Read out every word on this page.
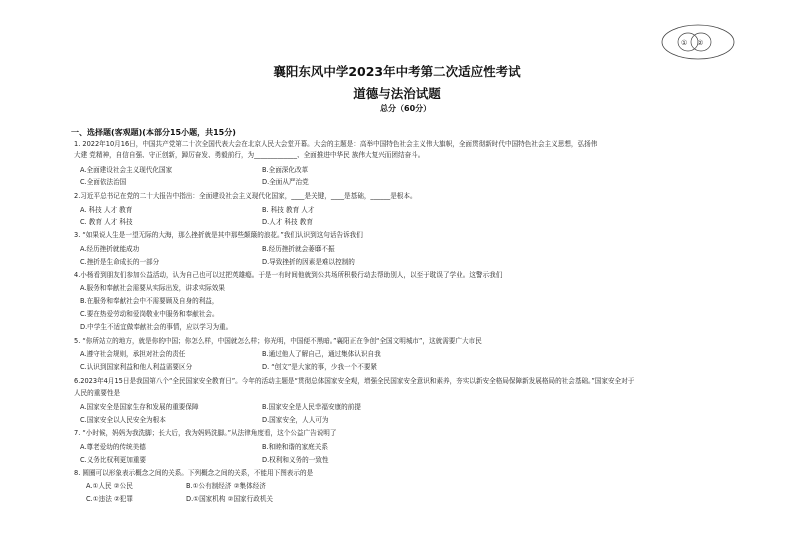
① ②
襄阳东风中学2023年中考第二次适应性考试
道德与法治试题
总分（60分）
一、选择题(客观题)(本部分15小题，共15分)
1. 2022年10月16日，中国共产党第二十次全国代表大会在北京人民大会堂开幕。大会的主题是：高举中国特色社会主义伟大旗帜，全面贯彻新时代中国特色社会主义思想，弘扬伟
大建 党精神，自信自强、守正创新，踔厉奋发、勇毅前行，为_____________、全面推进中华民 族伟大复兴而团结奋斗。
A.全面建设社会主义现代化国家	B.全面深化改革
C.全面依法治国	D.全面从严治党
2.习近平总书记在党的二十大报告中指出：全面建设社会主义现代化国家，____是关键，____是基础，______是根本。
A. 科技 人才 教育	B. 科技 教育 人才
C. 教育 人才 科技	D.人才 科技 教育
3. “如果说人生是一望无际的大海，那么挫折就是其中那些颠簸的浪花。”我们认识到这句话告诉我们
A.经历挫折就能成功	B.经历挫折就会萎靡不振
C.挫折是生命成长的一部分	D.导致挫折的因素是难以控制的
4.小杨看到朋友们参加公益活动，认为自己也可以过把英雄瘾。于是一有时间他就到公共场所积极行动去帮助别人，以至于耽误了学业。这警示我们
A.服务和奉献社会需要从实际出发，讲求实际效果
B.在服务和奉献社会中不需要顾及自身的利益，
C.要在热爱劳动和爱岗敬业中服务和奉献社会。
D.中学生不适宜做奉献社会的事情，应以学习为重。
5. “你所站立的地方，就是你的中国；你怎么样，中国就怎么样；你光明，中国便不黑暗。”襄阳正在争创“全国文明城市”，这就需要广大市民
A.遵守社会规则，承担对社会的责任	B.通过他人了解自己，通过集体认识自我
C.认识到国家利益和他人利益需要区分	D. “创文”是大家的事，少我一个不要紧
6.2023年4月15日是我国第八个“全民国家安全教育日”。今年的活动主题是“贯彻总体国家安全观，增强全民国家安全意识和素养，夯实以新安全格局保障新发展格局的社会基础。”国家安全对于
人民的重要性是
A.国家安全是国家生存和发展的重要保障	B.国家安全是人民幸福安康的前提
C.国家安全以人民安全为根本	D.国家安全，人人可为
7. “小时候，妈妈为我洗脚；长大后，我为妈妈洗脚。”从法律角度看，这个公益广告说明了
A.尊老爱幼的传统美德	B.和睦和谐的家庭关系
C.义务比权利更加重要	D.权利和义务的一致性
8. 圆圈可以形象表示概念之间的关系。下列概念之间的关系，不能用下图表示的是
A.①人民 ②公民	B.①公有制经济 ②集体经济
C.①违法 ②犯罪	D.①国家机构 ②国家行政机关
